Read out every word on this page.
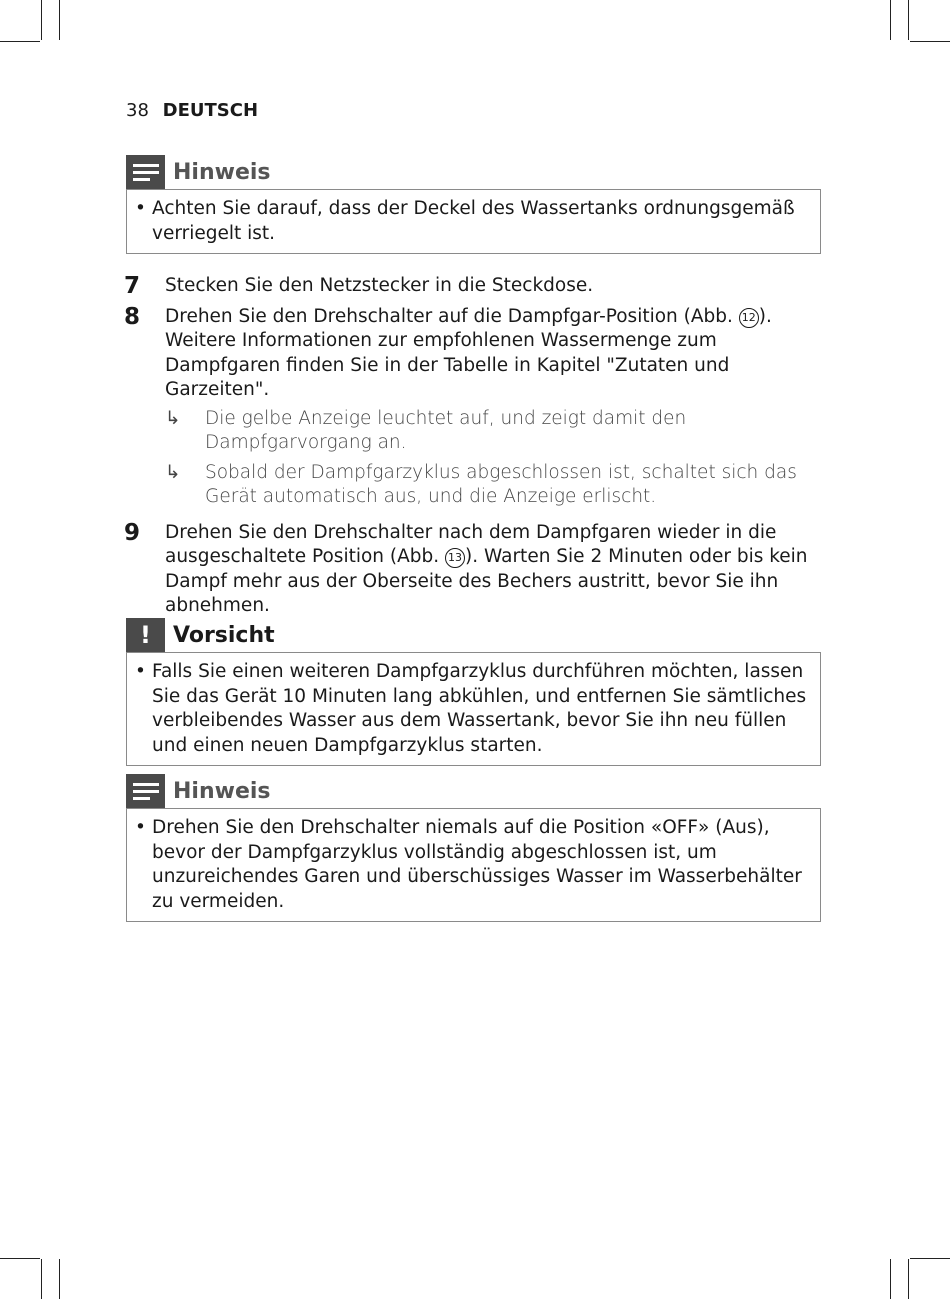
38 DEUTSCH
Hinweis
• Achten Sie darauf, dass der Deckel des Wassertanks ordnungsgemäß verriegelt ist.
7	Stecken Sie den Netzstecker in die Steckdose.
8	Drehen Sie den Drehschalter auf die Dampfgar-Position (Abb. 12 ). Weitere Informationen zur empfohlenen Wassermenge zum Dampfgaren finden Sie in der Tabelle in Kapitel "Zutaten und Garzeiten".
↳	Die gelbe Anzeige leuchtet auf, und zeigt damit den Dampfgarvorgang an.
↳	Sobald der Dampfgarzyklus abgeschlossen ist, schaltet sich das Gerät automatisch aus, und die Anzeige erlischt.
9	Drehen Sie den Drehschalter nach dem Dampfgaren wieder in die ausgeschaltete Position (Abb. 13 ). Warten Sie 2 Minuten oder bis kein Dampf mehr aus der Oberseite des Bechers austritt, bevor Sie ihn abnehmen.
! Vorsicht
• Falls Sie einen weiteren Dampfgarzyklus durchführen möchten, lassen Sie das Gerät 10 Minuten lang abkühlen, und entfernen Sie sämtliches verbleibendes Wasser aus dem Wassertank, bevor Sie ihn neu füllen und einen neuen Dampfgarzyklus starten.
Hinweis
• Drehen Sie den Drehschalter niemals auf die Position «OFF» (Aus), bevor der Dampfgarzyklus vollständig abgeschlossen ist, um unzureichendes Garen und überschüssiges Wasser im Wasserbehälter zu vermeiden.
